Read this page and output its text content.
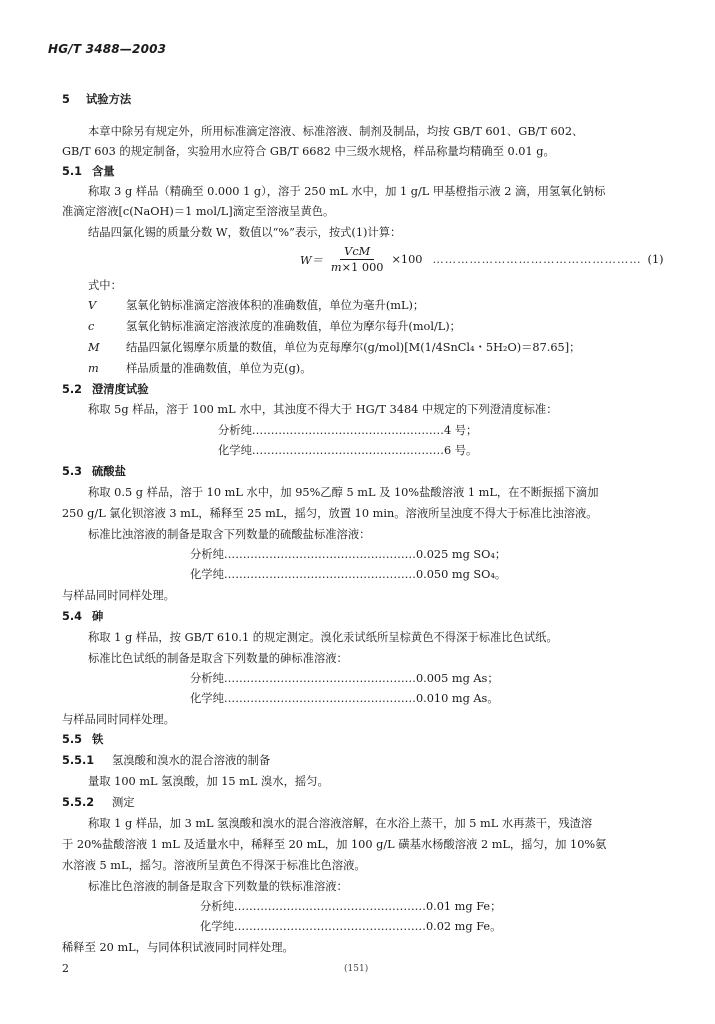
HG/T 3488—2003
5 试验方法
本章中除另有规定外，所用标准滴定溶液、标准溶液、制剂及制品，均按 GB/T 601、GB/T 602、
GB/T 603 的规定制备，实验用水应符合 GB/T 6682 中三级水规格，样品称量均精确至 0.01 g。
5.1 含量
称取 3 g 样品（精确至 0.000 1 g），溶于 250 mL 水中，加 1 g/L 甲基橙指示液 2 滴，用氢氧化钠标
准滴定溶液[c(NaOH)＝1 mol/L]滴定至溶液呈黄色。
结晶四氯化锡的质量分数 W，数值以“%”表示，按式(1)计算：
$W= \frac{\text{VcM}}{m\times 1 000} \times 100$ …………………………………………… (1)
式中：
V	氢氧化钠标准滴定溶液体积的准确数值，单位为毫升(mL)；
c	氢氧化钠标准滴定溶液浓度的准确数值，单位为摩尔每升(mol/L)；
M 结晶四氯化锡摩尔质量的数值，单位为克每摩尔(g/mol)[M(1/4SnCl₄・5H₂O)＝87.65]；
m 样品质量的准确数值，单位为克(g)。
5.2 澄清度试验
称取 5g 样品，溶于 100 mL 水中，其浊度不得大于 HG/T 3484 中规定的下列澄清度标准：
分析纯……………………………………………4 号；
化学纯……………………………………………6 号。
5.3 硫酸盐
称取 0.5 g 样品，溶于 10 mL 水中，加 95%乙醇 5 mL 及 10%盐酸溶液 1 mL，在不断振摇下滴加
250 g/L 氯化钡溶液 3 mL，稀释至 25 mL，摇匀，放置 10 min。溶液所呈浊度不得大于标准比浊溶液。
标准比浊溶液的制备是取含下列数量的硫酸盐标准溶液：
分析纯……………………………………………0.025 mg SO₄；
化学纯……………………………………………0.050 mg SO₄。
与样品同时同样处理。
5.4 砷
称取 1 g 样品，按 GB/T 610.1 的规定测定。溴化汞试纸所呈棕黄色不得深于标准比色试纸。
标准比色试纸的制备是取含下列数量的砷标准溶液：
分析纯……………………………………………0.005 mg As；
化学纯……………………………………………0.010 mg As。
与样品同时同样处理。
5.5 铁
5.5.1 氢溴酸和溴水的混合溶液的制备
量取 100 mL 氢溴酸，加 15 mL 溴水，摇匀。
5.5.2 测定
称取 1 g 样品，加 3 mL 氢溴酸和溴水的混合溶液溶解，在水浴上蒸干，加 5 mL 水再蒸干，残渣溶
于 20%盐酸溶液 1 mL 及适量水中，稀释至 20 mL，加 100 g/L 磺基水杨酸溶液 2 mL，摇匀，加 10%氨
水溶液 5 mL，摇匀。溶液所呈黄色不得深于标准比色溶液。
标准比色溶液的制备是取含下列数量的铁标准溶液：
分析纯……………………………………………0.01 mg Fe；
化学纯……………………………………………0.02 mg Fe。
稀释至 20 mL，与同体积试液同时同样处理。
2	(151)
